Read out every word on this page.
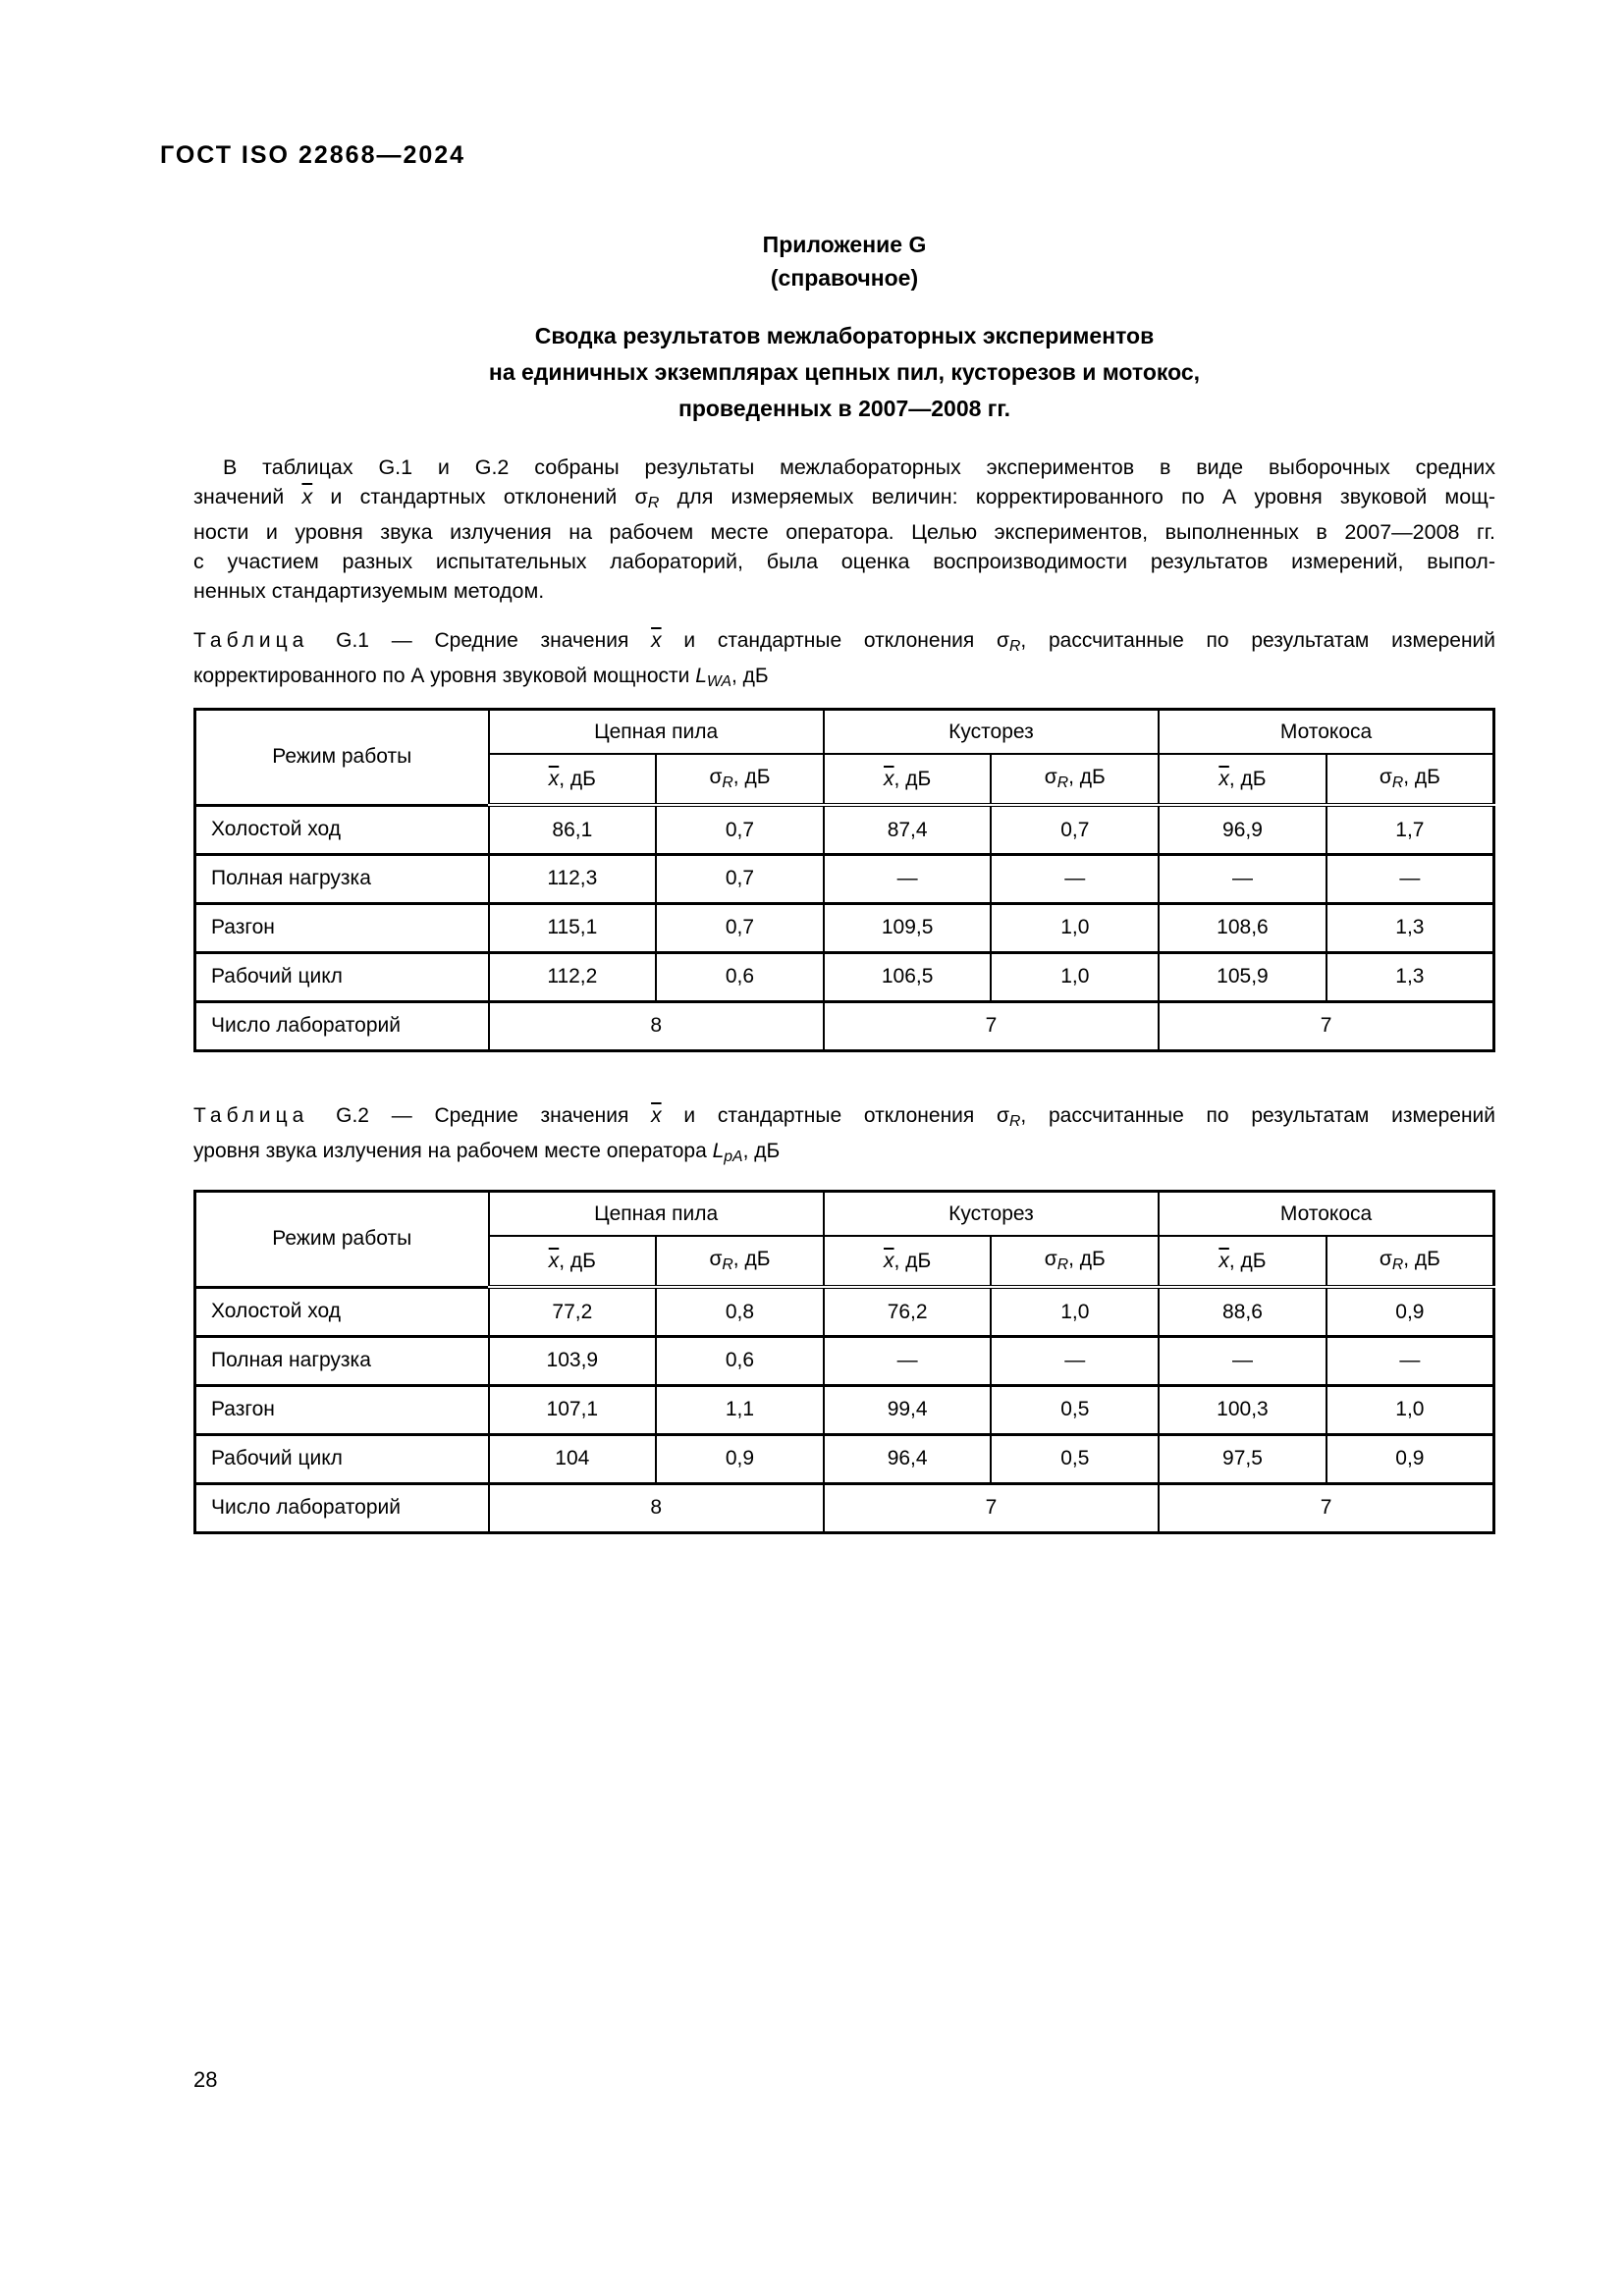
ГОСТ ISO 22868—2024
Приложение G
(справочное)
Сводка результатов межлабораторных экспериментов
на единичных экземплярах цепных пил, кусторезов и мотокос,
проведенных в 2007—2008 гг.
В таблицах G.1 и G.2 собраны результаты межлабораторных экспериментов в виде выборочных средних
значений $\overline{x}$ и стандартных отклонений σR для измеряемых величин: корректированного по А уровня звуковой мощ-
ности и уровня звука излучения на рабочем месте оператора. Целью экспериментов, выполненных в 2007—2008 гг.
с участием разных испытательных лабораторий, была оценка воспроизводимости результатов измерений, выпол-
ненных стандартизуемым методом.
Таблица G.1 — Средние значения $\overline{x}$ и стандартные отклонения σR, рассчитанные по результатам измерений
корректированного по А уровня звуковой мощности LWA, дБ
Режим работы	Цепная пила		Кусторез		Мотокоса	
	$\overline{x}$, дБ	σR, дБ	$\overline{x}$, дБ	σR, дБ	$\overline{x}$, дБ	σR, дБ
Холостой ход	86,1	0,7	87,4	0,7	96,9	1,7
Полная нагрузка	112,3	0,7	—	—	—	—
Разгон	115,1	0,7	109,5	1,0	108,6	1,3
Рабочий цикл	112,2	0,6	106,5	1,0	105,9	1,3
Число лабораторий	8		7		7	
Таблица G.2 — Средние значения $\overline{x}$ и стандартные отклонения σR, рассчитанные по результатам измерений
уровня звука излучения на рабочем месте оператора LpA, дБ
Режим работы	Цепная пила		Кусторез		Мотокоса	
	$\overline{x}$, дБ	σR, дБ	$\overline{x}$, дБ	σR, дБ	$\overline{x}$, дБ	σR, дБ
Холостой ход	77,2	0,8	76,2	1,0	88,6	0,9
Полная нагрузка	103,9	0,6	—	—	—	—
Разгон	107,1	1,1	99,4	0,5	100,3	1,0
Рабочий цикл	104	0,9	96,4	0,5	97,5	0,9
Число лабораторий	8		7		7	
28
